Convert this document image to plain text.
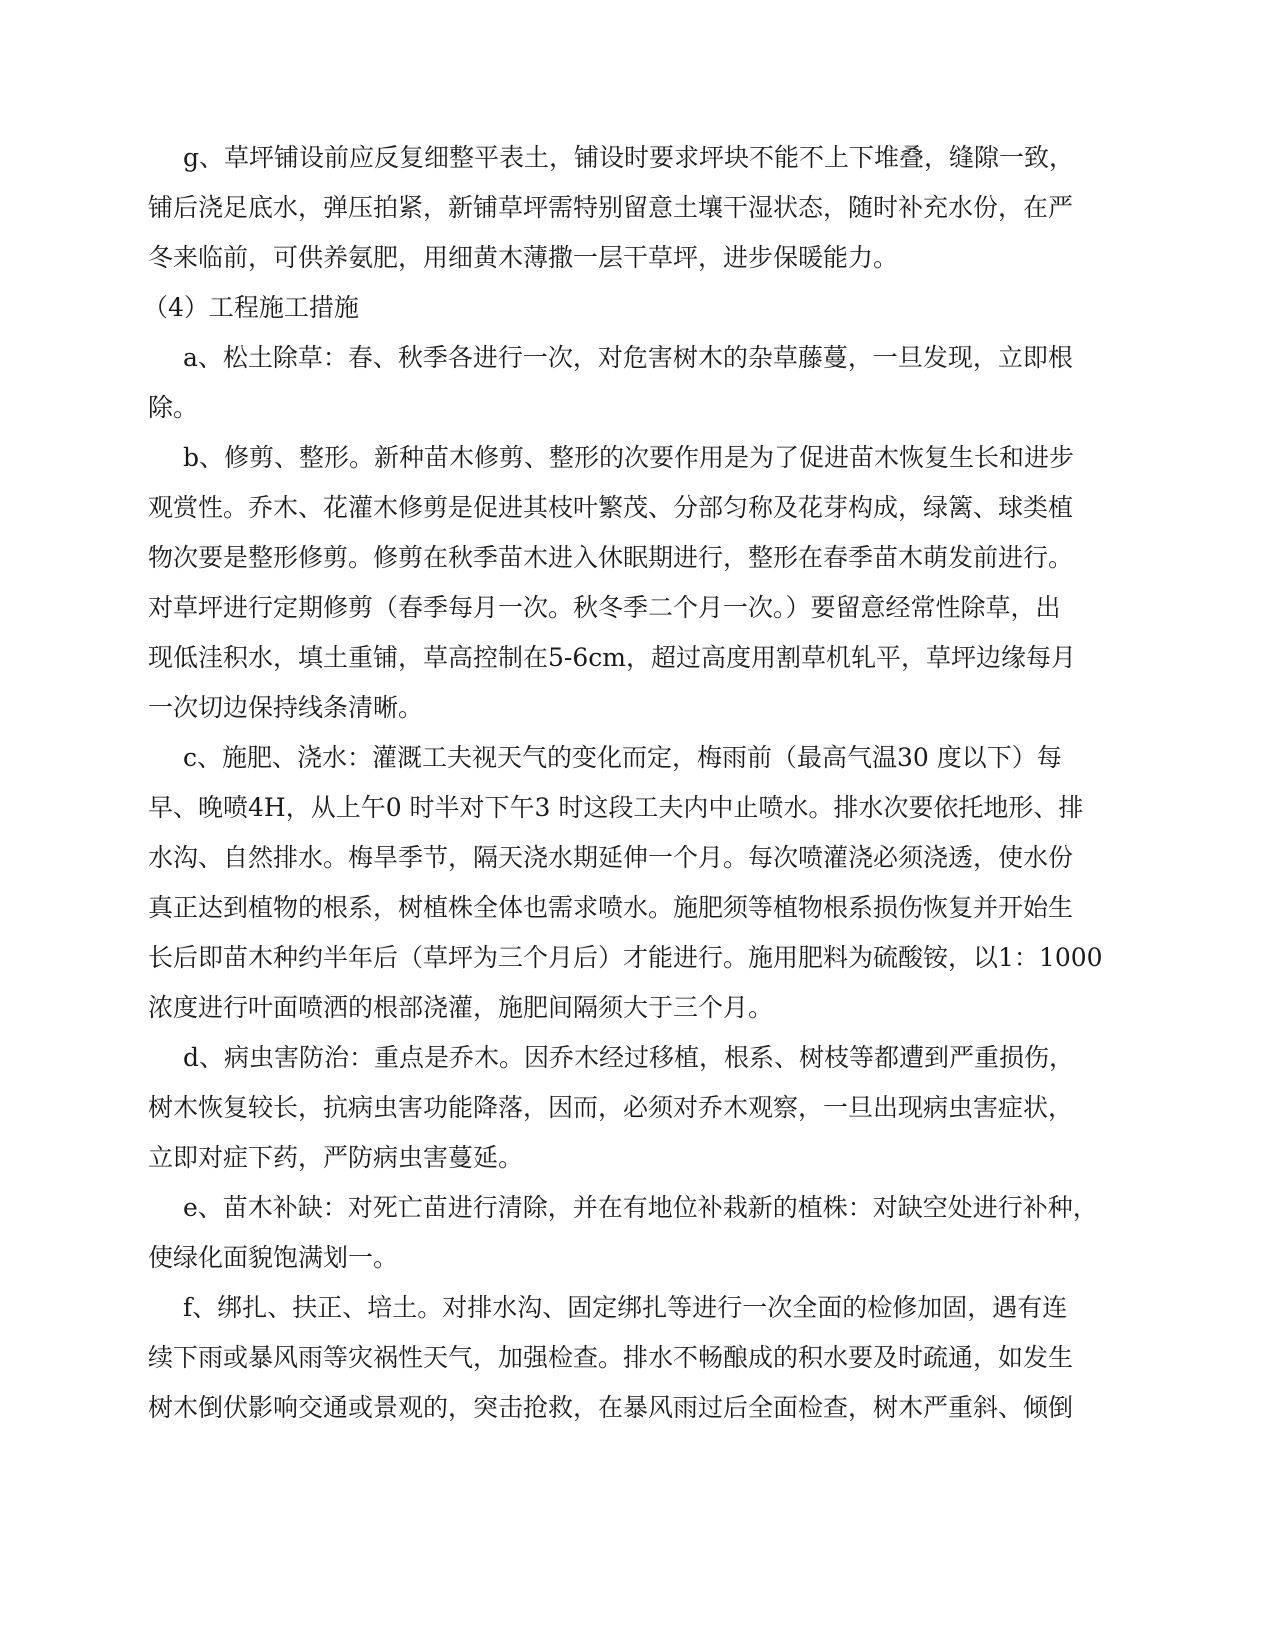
g、草坪铺设前应反复细整平表土，铺设时要求坪块不能不上下堆叠，缝隙一致，
铺后浇足底水，弹压拍紧，新铺草坪需特别留意土壤干湿状态，随时补充水份，在严
冬来临前，可供养氨肥，用细黄木薄撒一层干草坪，进步保暖能力。
（4）工程施工措施
a、松土除草：春、秋季各进行一次，对危害树木的杂草藤蔓，一旦发现，立即根
除。
b、修剪、整形。新种苗木修剪、整形的次要作用是为了促进苗木恢复生长和进步
观赏性。乔木、花灌木修剪是促进其枝叶繁茂、分部匀称及花芽构成，绿篱、球类植
物次要是整形修剪。修剪在秋季苗木进入休眠期进行，整形在春季苗木萌发前进行。
对草坪进行定期修剪（春季每月一次。秋冬季二个月一次。）要留意经常性除草，出
现低洼积水，填土重铺，草高控制在5-6cm，超过高度用割草机轧平，草坪边缘每月
一次切边保持线条清晰。
c、施肥、浇水：灌溉工夫视天气的变化而定，梅雨前（最高气温30 度以下）每
早、晚喷4H，从上午0 时半对下午3 时这段工夫内中止喷水。排水次要依托地形、排
水沟、自然排水。梅旱季节，隔天浇水期延伸一个月。每次喷灌浇必须浇透，使水份
真正达到植物的根系，树植株全体也需求喷水。施肥须等植物根系损伤恢复并开始生
长后即苗木种约半年后（草坪为三个月后）才能进行。施用肥料为硫酸铵，以1：1000
浓度进行叶面喷洒的根部浇灌，施肥间隔须大于三个月。
d、病虫害防治：重点是乔木。因乔木经过移植，根系、树枝等都遭到严重损伤，
树木恢复较长，抗病虫害功能降落，因而，必须对乔木观察，一旦出现病虫害症状，
立即对症下药，严防病虫害蔓延。
e、苗木补缺：对死亡苗进行清除，并在有地位补栽新的植株：对缺空处进行补种，
使绿化面貌饱满划一。
f、绑扎、扶正、培土。对排水沟、固定绑扎等进行一次全面的检修加固，遇有连
续下雨或暴风雨等灾祸性天气，加强检查。排水不畅酿成的积水要及时疏通，如发生
树木倒伏影响交通或景观的，突击抢救，在暴风雨过后全面检查，树木严重斜、倾倒
